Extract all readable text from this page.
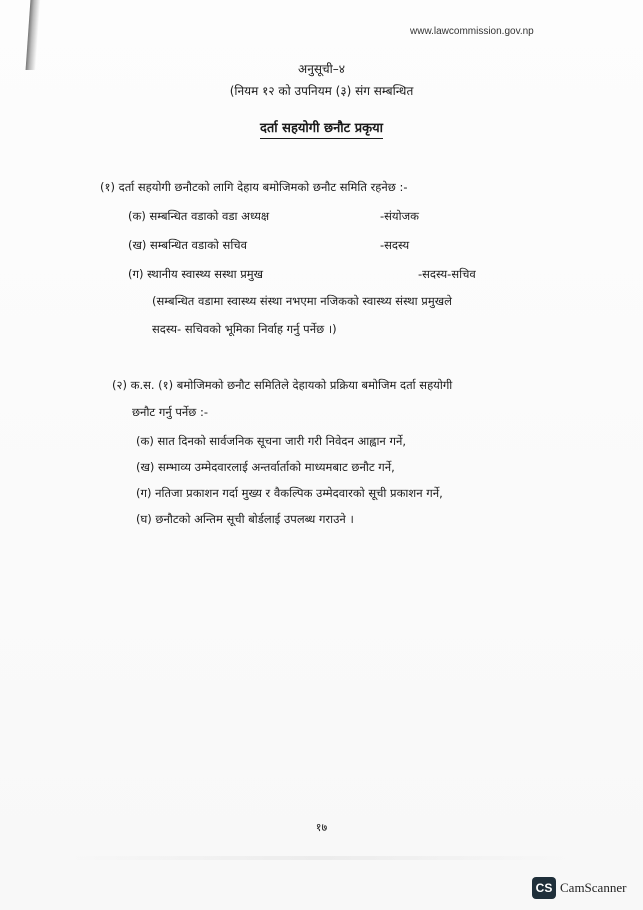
www.lawcommission.gov.np
अनुसूची–४
(नियम १२ को उपनियम (३) संग सम्बन्धित
दर्ता सहयोगी छनौट प्रकृया
(१) दर्ता सहयोगी छनौटको लागि देहाय बमोजिमको छनौट समिति रहनेछ :-
(क) सम्बन्धित वडाको वडा अध्यक्ष	-संयोजक
(ख) सम्बन्धित वडाको सचिव	-सदस्य
(ग) स्थानीय स्वास्थ्य सस्था प्रमुख	-सदस्य-सचिव
(सम्बन्धित वडामा स्वास्थ्य संस्था नभएमा नजिकको स्वास्थ्य संस्था प्रमुखले
सदस्य- सचिवको भूमिका निर्वाह गर्नु पर्नेछ ।)
(२) क.स. (१) बमोजिमको छनौट समितिले देहायको प्रक्रिया बमोजिम दर्ता सहयोगी
छनौट गर्नु पर्नेछ :-
(क) सात दिनको सार्वजनिक सूचना जारी गरी निवेदन आह्वान गर्ने,
(ख) सम्भाव्य उम्मेदवारलाई अन्तर्वार्ताको माध्यमबाट छनौट गर्ने,
(ग) नतिजा प्रकाशन गर्दा मुख्य र वैकल्पिक उम्मेदवारको सूची प्रकाशन गर्ने,
(घ) छनौटको अन्तिम सूची बोर्डलाई उपलब्ध गराउने ।
१७
CS CamScanner
